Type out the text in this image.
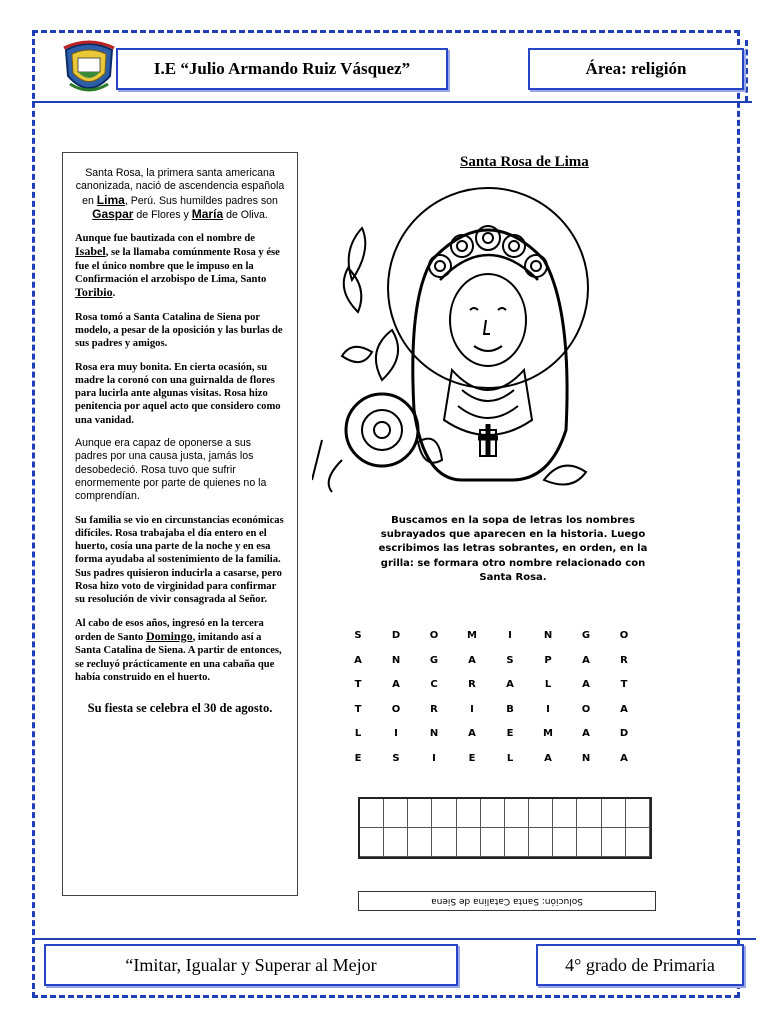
I.E “Julio Armando Ruiz Vásquez”	Área: religión

Santa Rosa, la primera santa americana canonizada, nació de ascendencia española en Lima, Perú. Sus humildes padres son Gaspar de Flores y María de Oliva.

Aunque fue bautizada con el nombre de Isabel, se la llamaba comúnmente Rosa y ése fue el único nombre que le impuso en la Confirmación el arzobispo de Lima, Santo Toribio.

Rosa tomó a Santa Catalina de Siena por modelo, a pesar de la oposición y las burlas de sus padres y amigos.

Rosa era muy bonita. En cierta ocasión, su madre la coronó con una guirnalda de flores para lucirla ante algunas visitas. Rosa hizo penitencia por aquel acto que considero como una vanidad.

Aunque era capaz de oponerse a sus padres por una causa justa, jamás los desobedeció. Rosa tuvo que sufrir enormemente por parte de quienes no la comprendían.

Su familia se vio en circunstancias económicas difíciles. Rosa trabajaba el día entero en el huerto, cosía una parte de la noche y en esa forma ayudaba al sostenimiento de la familia. Sus padres quisieron inducirla a casarse, pero Rosa hizo voto de virginidad para confirmar su resolución de vivir consagrada al Señor.

Al cabo de esos años, ingresó en la tercera orden de Santo Domingo, imitando así a Santa Catalina de Siena. A partir de entonces, se recluyó prácticamente en una cabaña que había construido en el huerto.

Su fiesta se celebra el 30 de agosto.
Santa Rosa de Lima
Buscamos en la sopa de letras los nombres subrayados que aparecen en la historia. Luego escribimos las letras sobrantes, en orden, en la grilla: se formara otro nombre relacionado con Santa Rosa.
S	D	O	M	I	N	G	O
A	N	G	A	S	P	A	R
T	A	C	R	A	L	A	T
T	O	R	I	B	I	O	A
L	I	N	A	E	M	A	D
E	S	I	E	L	A	N	A
Solución: Santa Catalina de Siena
“Imitar, Igualar y Superar al Mejor	4° grado de Primaria
